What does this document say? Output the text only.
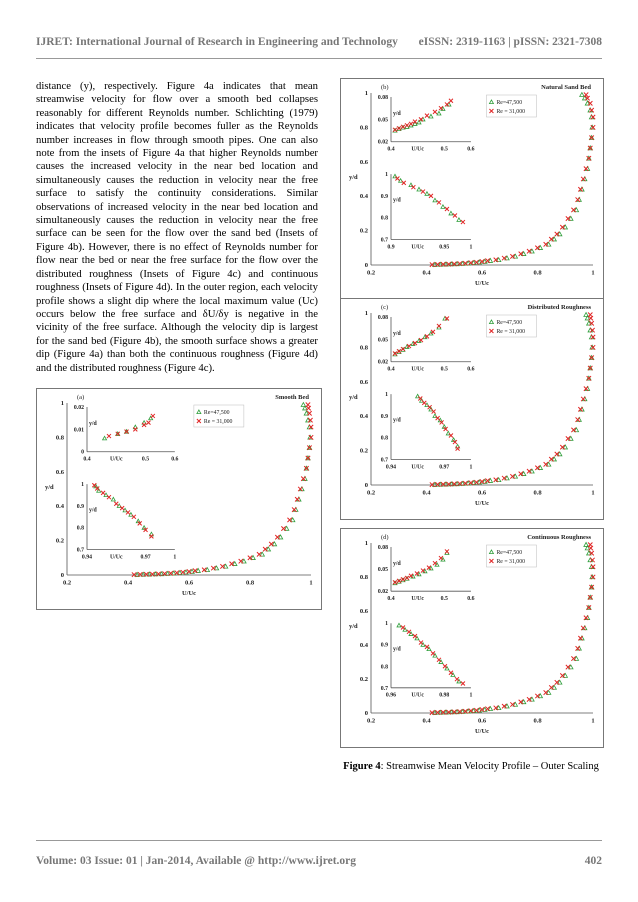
IJRET: International Journal of Research in Engineering and Technology eISSN: 2319-1163 | pISSN: 2321-7308
distance (y), respectively. Figure 4a indicates that mean streamwise velocity for flow over a smooth bed collapses reasonably for different Reynolds number. Schlichting (1979) indicates that velocity profile becomes fuller as the Reynolds number increases in flow through smooth pipes. One can also note from the insets of Figure 4a that higher Reynolds number causes the increased velocity in the near bed location and simultaneously causes the reduction in velocity near the free surface to satisfy the continuity considerations. Similar observations of increased velocity in the near bed location and simultaneously causes the reduction in velocity near the free surface can be seen for the flow over the sand bed (Insets of Figure 4b). However, there is no effect of Reynolds number for flow near the bed or near the free surface for the flow over the distributed roughness (Insets of Figure 4c) and continuous roughness (Insets of Figure 4d). In the outer region, each velocity profile shows a slight dip where the local maximum value (Uc) occurs below the free surface and δU/δy is negative in the vicinity of the free surface. Although the velocity dip is largest for the sand bed (Figure 4b), the smooth surface shows a greater dip (Figure 4a) than both the continuous roughness (Figure 4d) and the distributed roughness (Figure 4c).
0.2	0.4	0.6	0.8	1
0
0.2
0.4
0.6
0.8
1
U/Uc
y/d
(a)	Smooth Bed
Re=47,500
Re = 31,000
0.4	U/Uc	0.5	0.6
0
0.01
0.02
y/d
0.94	U/Uc	0.97	1
0.7
0.8
0.9
1
y/d
0.2	0.4	0.6	0.8	1
0
0.2
0.4
0.6
0.8
1
U/Uc
y/d
(b)	Natural Sand Bed
Re=47,500
Re = 31,000
0.4	U/Uc	0.5	0.6
0.02
0.05
0.08
y/d
0.9	U/Uc	0.95	1
0.7
0.8
0.9
1
y/d
0.2	0.4	0.6	0.8	1
0
0.2
0.4
0.6
0.8
1
U/Uc
y/d
(c)	Distributed Roughness
Re=47,500
Re = 31,000
0.4	U/Uc	0.5	0.6
0.02
0.05
0.08
y/d
0.94	U/Uc	0.97	1
0.7
0.8
0.9
1
y/d
0.2	0.4	0.6	0.8	1
0
0.2
0.4
0.6
0.8
1
U/Uc
y/d
(d)	Continuous Roughness
Re=47,500
Re = 31,000
0.4	U/Uc	0.5	0.6
0.02
0.05
0.08
y/d
0.96	U/Uc	0.98	1
0.7
0.8
0.9
1
y/d
Figure 4: Streamwise Mean Velocity Profile – Outer Scaling
Volume: 03 Issue: 01 | Jan-2014, Available @ http://www.ijret.org	402
